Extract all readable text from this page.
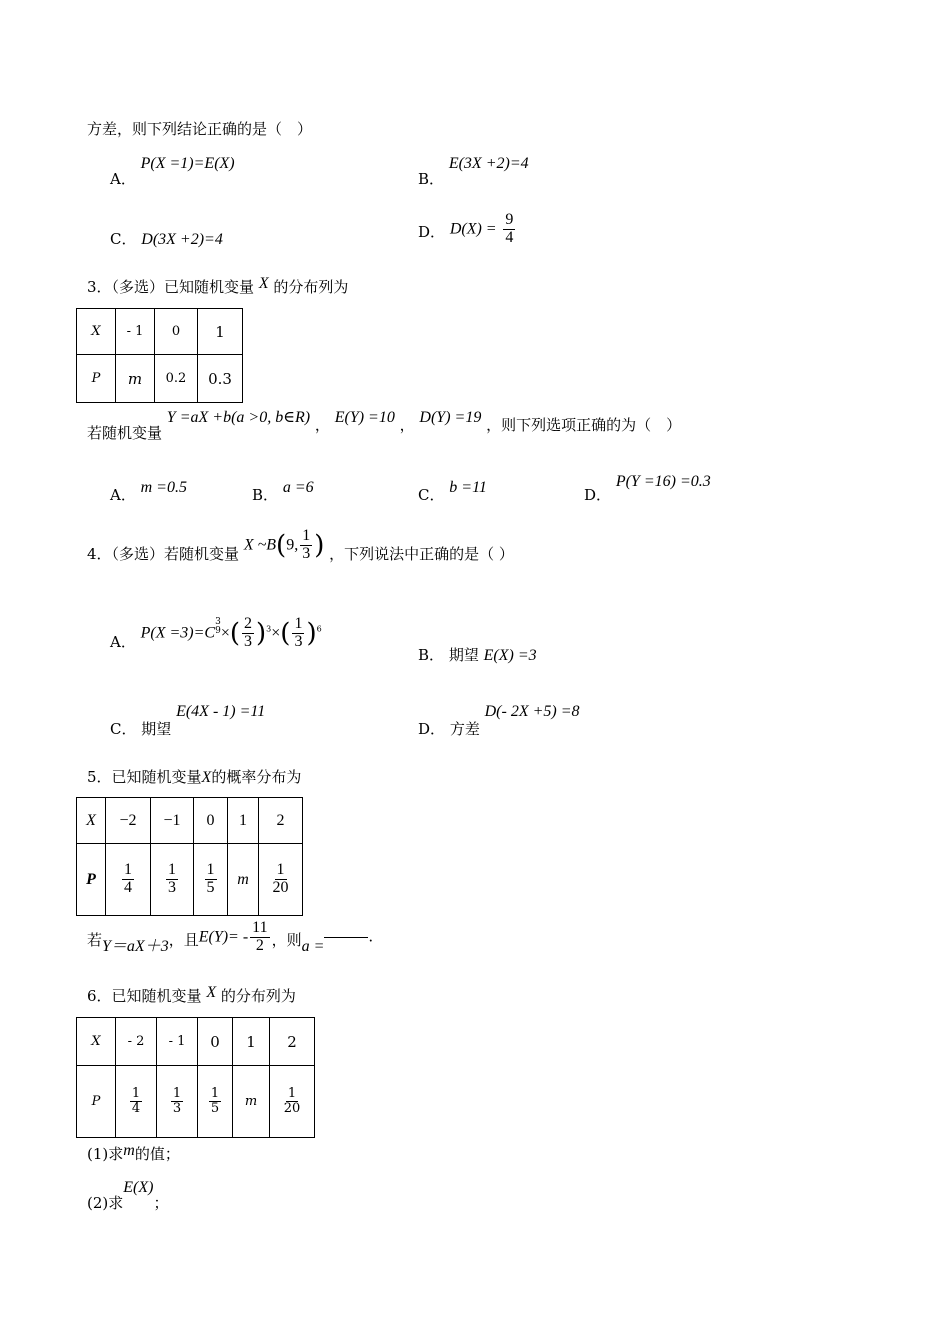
方差，则下列结论正确的是（　）
A． P(X =1)=E(X)
B． E(3X +2)=4
C． D(3X +2)=4	D． $D(X) = \frac{9}{4}$
3．（多选）已知随机变量 X 的分布列为
X	- 1	0	1
P	m	0.2	0.3
若随机变量 Y =aX +b(a >0, b∈R) ， E(Y) =10 ， D(Y) =19 ，则下列选项正确的为（　）
A． m =0.5	B． a =6	C． b =11	D． P(Y =16) =0.3
4．（多选）若随机变量 X ~B(9, $\frac{1}{3}$ ) ，下列说法中正确的是（ ）
A． P(X =3)=C
3
9 ×( $\frac{2}{3} )^3\times( \frac{1}{3} )^6$
B． 期望 E(X) =3
C． 期望 E(4X - 1) =11
D． 方差 D(- 2X +5) =8
5．已知随机变量X的概率分布为
X	−2	−1	0	1	2
P	$\frac{1}{4}$	$\frac{1}{3}$	$\frac{1}{5}$	m	$\frac{1}{20}$
若Y＝aX＋3，且$E(Y)= - \frac{11}{2}$ ，则a =.
6．已知随机变量 X 的分布列为
X	- 2	- 1	0	1	2
P	$\frac{1}{4}$	$\frac{1}{3}$	$\frac{1}{5}$	m	$\frac{1}{20}$
(1)求m的值；
(2)求E(X)；
